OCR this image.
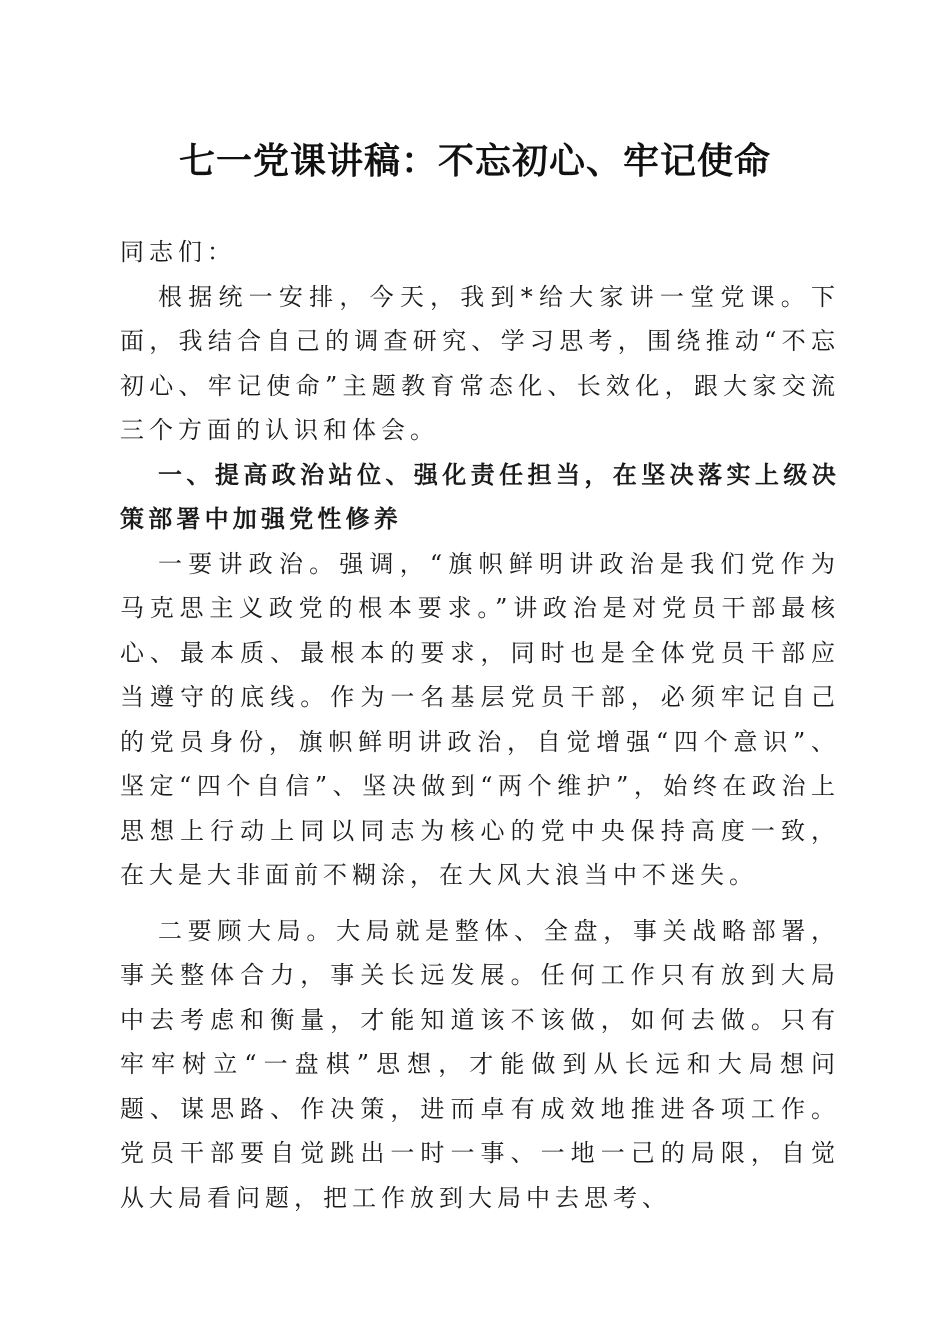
七一党课讲稿：不忘初心、牢记使命

同志们：

根据统一安排，今天，我到*给大家讲一堂党课。下面，我结合自己的调查研究、学习思考，围绕推动“不忘初心、牢记使命”主题教育常态化、长效化，跟大家交流三个方面的认识和体会。

一、提高政治站位、强化责任担当，在坚决落实上级决策部署中加强党性修养

一要讲政治。强调，“旗帜鲜明讲政治是我们党作为马克思主义政党的根本要求。”讲政治是对党员干部最核心、最本质、最根本的要求，同时也是全体党员干部应当遵守的底线。作为一名基层党员干部，必须牢记自己的党员身份，旗帜鲜明讲政治，自觉增强“四个意识”、坚定“四个自信”、坚决做到“两个维护”，始终在政治上思想上行动上同以同志为核心的党中央保持高度一致，在大是大非面前不糊涂，在大风大浪当中不迷失。

二要顾大局。大局就是整体、全盘，事关战略部署，事关整体合力，事关长远发展。任何工作只有放到大局中去考虑和衡量，才能知道该不该做，如何去做。只有牢牢树立“一盘棋”思想，才能做到从长远和大局想问题、谋思路、作决策，进而卓有成效地推进各项工作。党员干部要自觉跳出一时一事、一地一己的局限，自觉从大局看问题，把工作放到大局中去思考、
